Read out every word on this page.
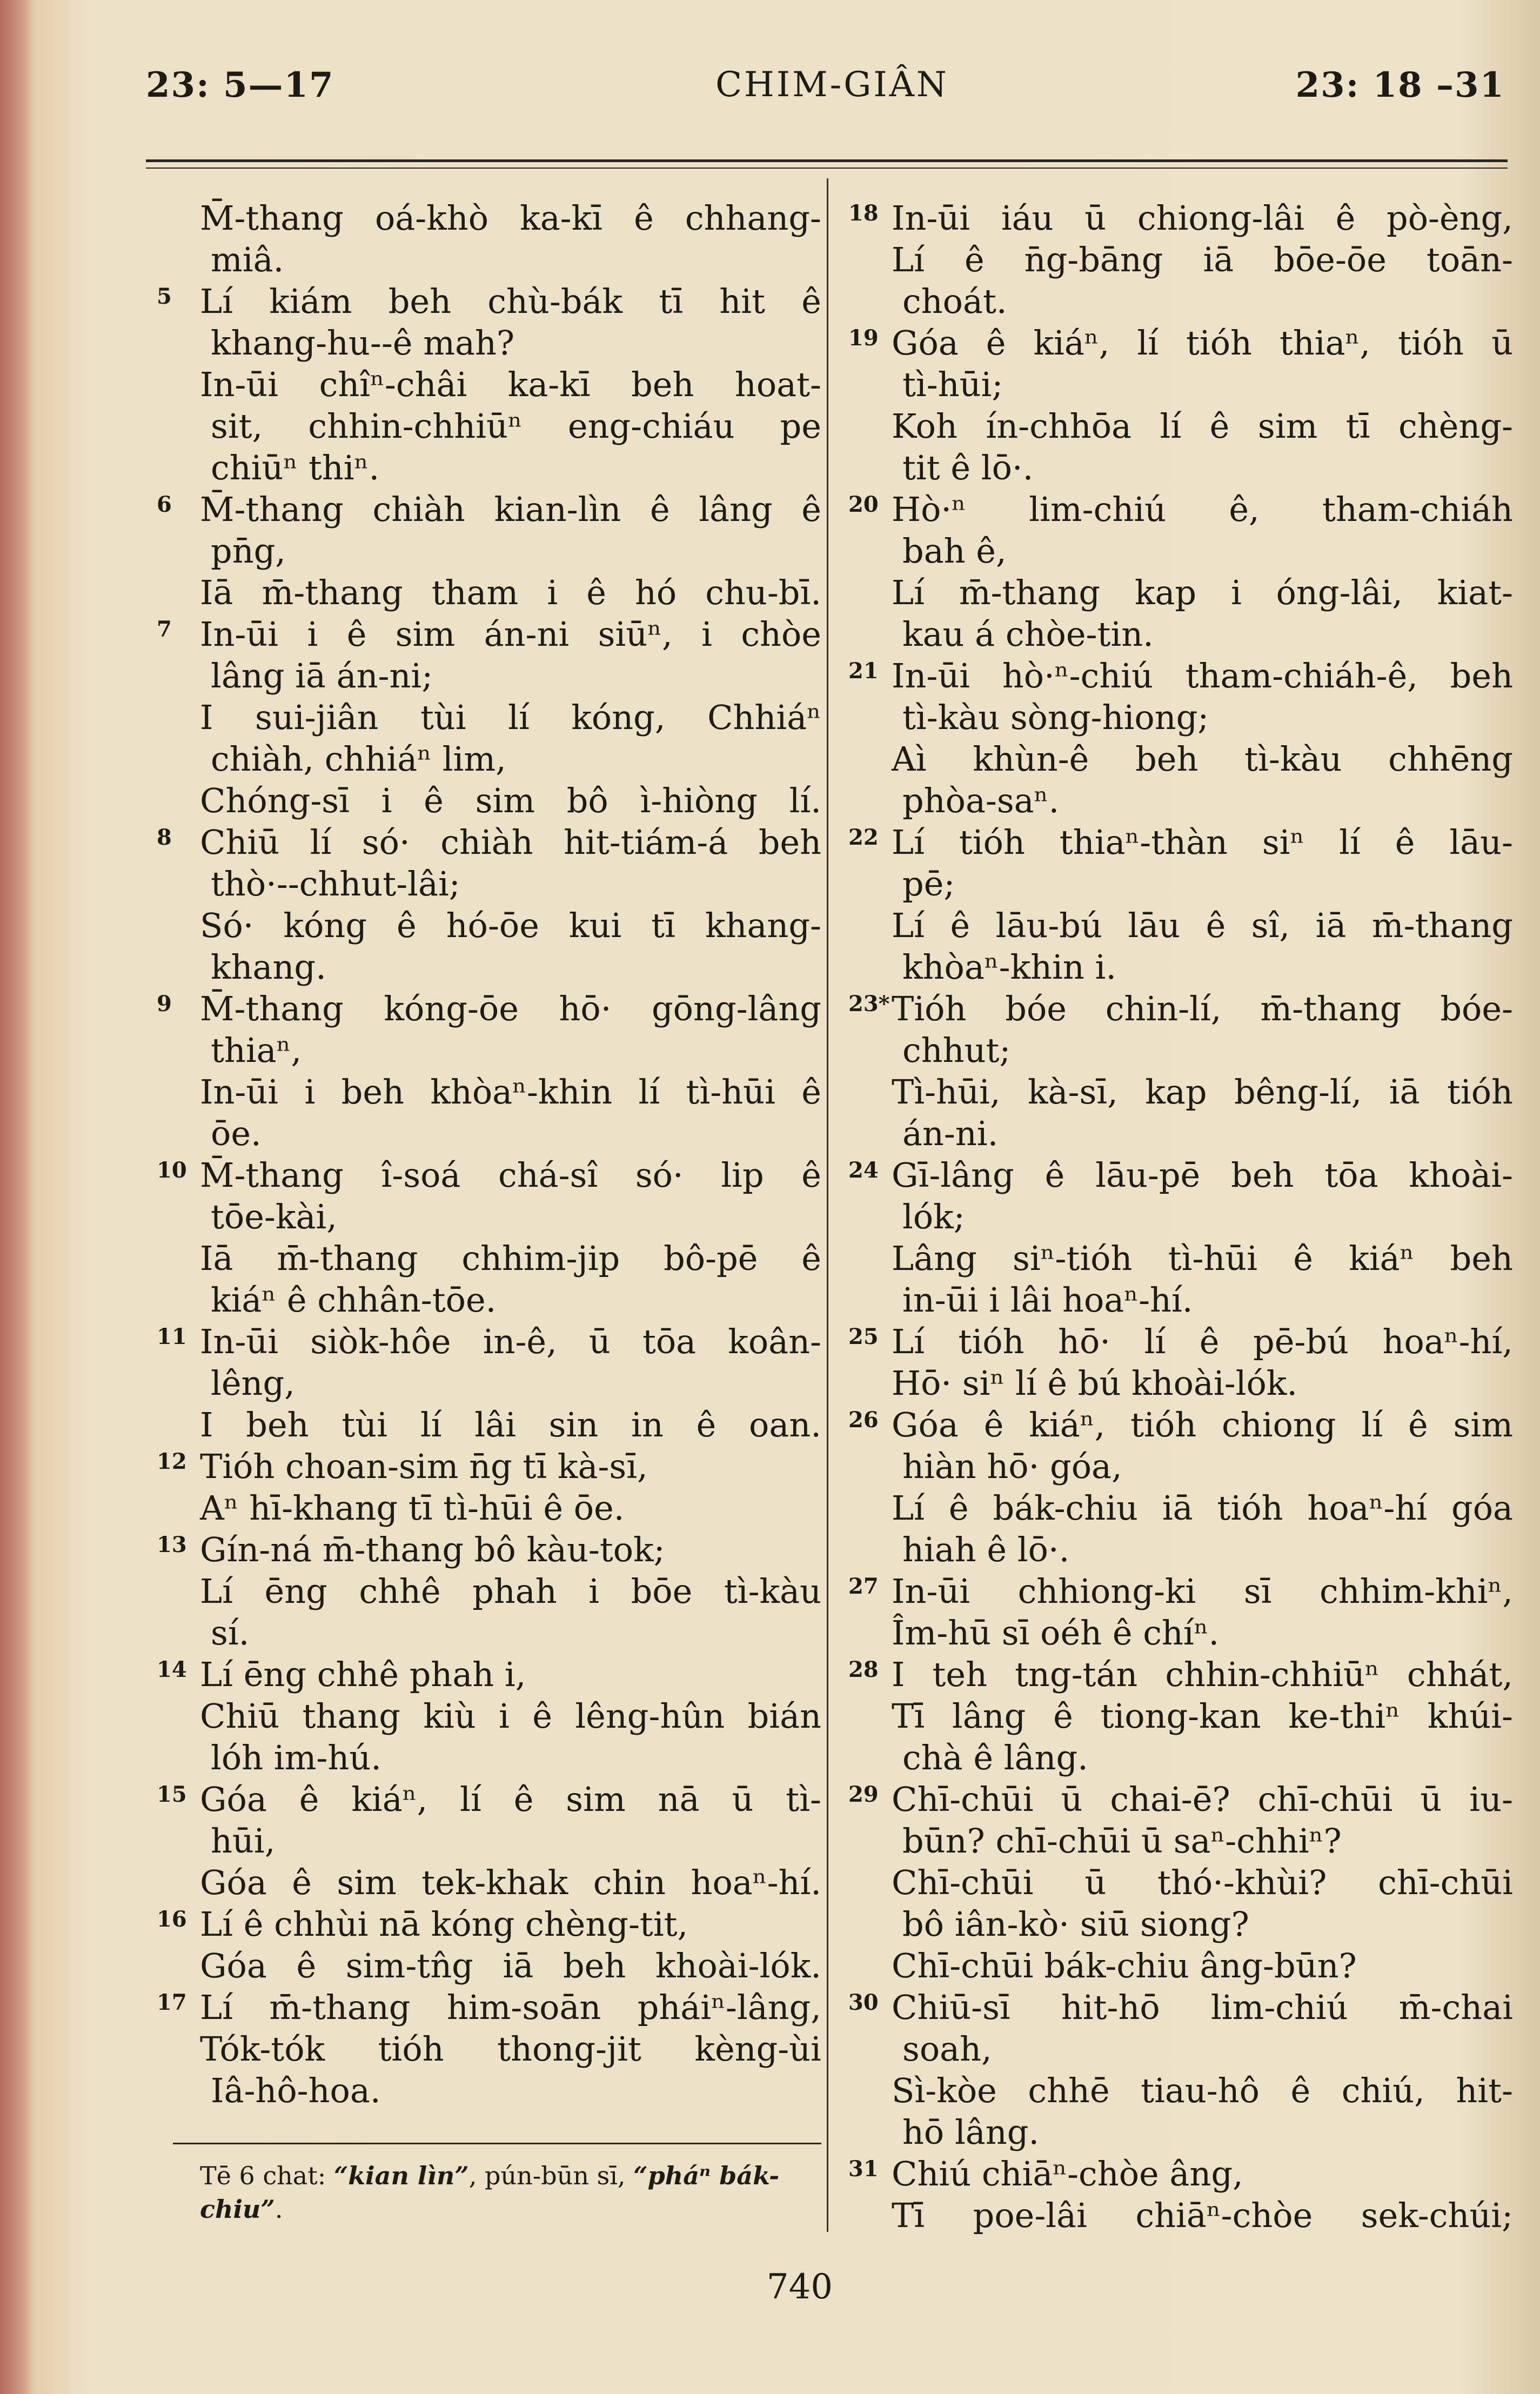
23: 5—17	CHIM-GIÂN	23: 18 –31
M̄-thang oá-khò ka-kī ê chhang-
miâ.
5 Lí kiám beh chù-bák tī hit ê
khang-hu--ê mah?
In-ūi chîⁿ-châi ka-kī beh hoat-
sit, chhin-chhiūⁿ eng-chiáu pe
chiūⁿ thiⁿ.
6 M̄-thang chiàh kian-lìn ê lâng ê
pn̄g,
Iā m̄-thang tham i ê hó chu-bī.
7 In-ūi i ê sim án-ni siūⁿ, i chòe
lâng iā án-ni;
I sui-jiân tùi lí kóng, Chhiáⁿ
chiàh, chhiáⁿ lim,
Chóng-sī i ê sim bô ì-hiòng lí.
8 Chiū lí só· chiàh hit-tiám-á beh
thò·--chhut-lâi;
Só· kóng ê hó-ōe kui tī khang-
khang.
9 M̄-thang kóng-ōe hō· gōng-lâng
thiaⁿ,
In-ūi i beh khòaⁿ-khin lí tì-hūi ê
ōe.
10 M̄-thang î-soá chá-sî só· lip ê
tōe-kài,
Iā m̄-thang chhim-jip bô-pē ê
kiáⁿ ê chhân-tōe.
11 In-ūi siòk-hôe in-ê, ū tōa koân-
lêng,
I beh tùi lí lâi sin in ê oan.
12 Tióh choan-sim n̄g tī kà-sī,
Aⁿ hī-khang tī tì-hūi ê ōe.
13 Gín-ná m̄-thang bô kàu-tok;
Lí ēng chhê phah i bōe tì-kàu
sí.
14 Lí ēng chhê phah i,
Chiū thang kiù i ê lêng-hûn bián
lóh im-hú.
15 Góa ê kiáⁿ, lí ê sim nā ū tì-
hūi,
Góa ê sim tek-khak chin hoaⁿ-hí.
16 Lí ê chhùi nā kóng chèng-tit,
Góa ê sim-tn̂g iā beh khoài-lók.
17 Lí m̄-thang him-soān pháiⁿ-lâng,
Tók-tók tióh thong-jit kèng-ùi
Iâ-hô-hoa.
18 In-ūi iáu ū chiong-lâi ê pò-èng,
Lí ê n̄g-bāng iā bōe-ōe toān-
choát.
19 Góa ê kiáⁿ, lí tióh thiaⁿ, tióh ū
tì-hūi;
Koh ín-chhōa lí ê sim tī chèng-
tit ê lō·.
20 Hò·ⁿ lim-chiú ê, tham-chiáh
bah ê,
Lí m̄-thang kap i óng-lâi, kiat-
kau á chòe-tin.
21 In-ūi hò·ⁿ-chiú tham-chiáh-ê, beh
tì-kàu sòng-hiong;
Aì khùn-ê beh tì-kàu chhēng
phòa-saⁿ.
22 Lí tióh thiaⁿ-thàn siⁿ lí ê lāu-
pē;
Lí ê lāu-bú lāu ê sî, iā m̄-thang
khòaⁿ-khin i.
23* Tióh bóe chin-lí, m̄-thang bóe-
chhut;
Tì-hūi, kà-sī, kap bêng-lí, iā tióh
án-ni.
24 Gī-lâng ê lāu-pē beh tōa khoài-
lók;
Lâng siⁿ-tióh tì-hūi ê kiáⁿ beh
in-ūi i lâi hoaⁿ-hí.
25 Lí tióh hō· lí ê pē-bú hoaⁿ-hí,
Hō· siⁿ lí ê bú khoài-lók.
26 Góa ê kiáⁿ, tióh chiong lí ê sim
hiàn hō· góa,
Lí ê bák-chiu iā tióh hoaⁿ-hí góa
hiah ê lō·.
27 In-ūi chhiong-ki sī chhim-khiⁿ,
Îm-hū sī oéh ê chíⁿ.
28 I teh tng-tán chhin-chhiūⁿ chhát,
Tī lâng ê tiong-kan ke-thiⁿ khúi-
chà ê lâng.
29 Chī-chūi ū chai-ē? chī-chūi ū iu-
būn? chī-chūi ū saⁿ-chhiⁿ?
Chī-chūi ū thó·-khùi? chī-chūi
bô iân-kò· siū siong?
Chī-chūi bák-chiu âng-būn?
30 Chiū-sī hit-hō lim-chiú m̄-chai
soah,
Sì-kòe chhē tiau-hô ê chiú, hit-
hō lâng.
31 Chiú chiāⁿ-chòe âng,
Tī poe-lâi chiāⁿ-chòe sek-chúi;
Tē 6 chat: “kian lìn”, pún-būn sī, “pháⁿ bák-chiu”.
740
